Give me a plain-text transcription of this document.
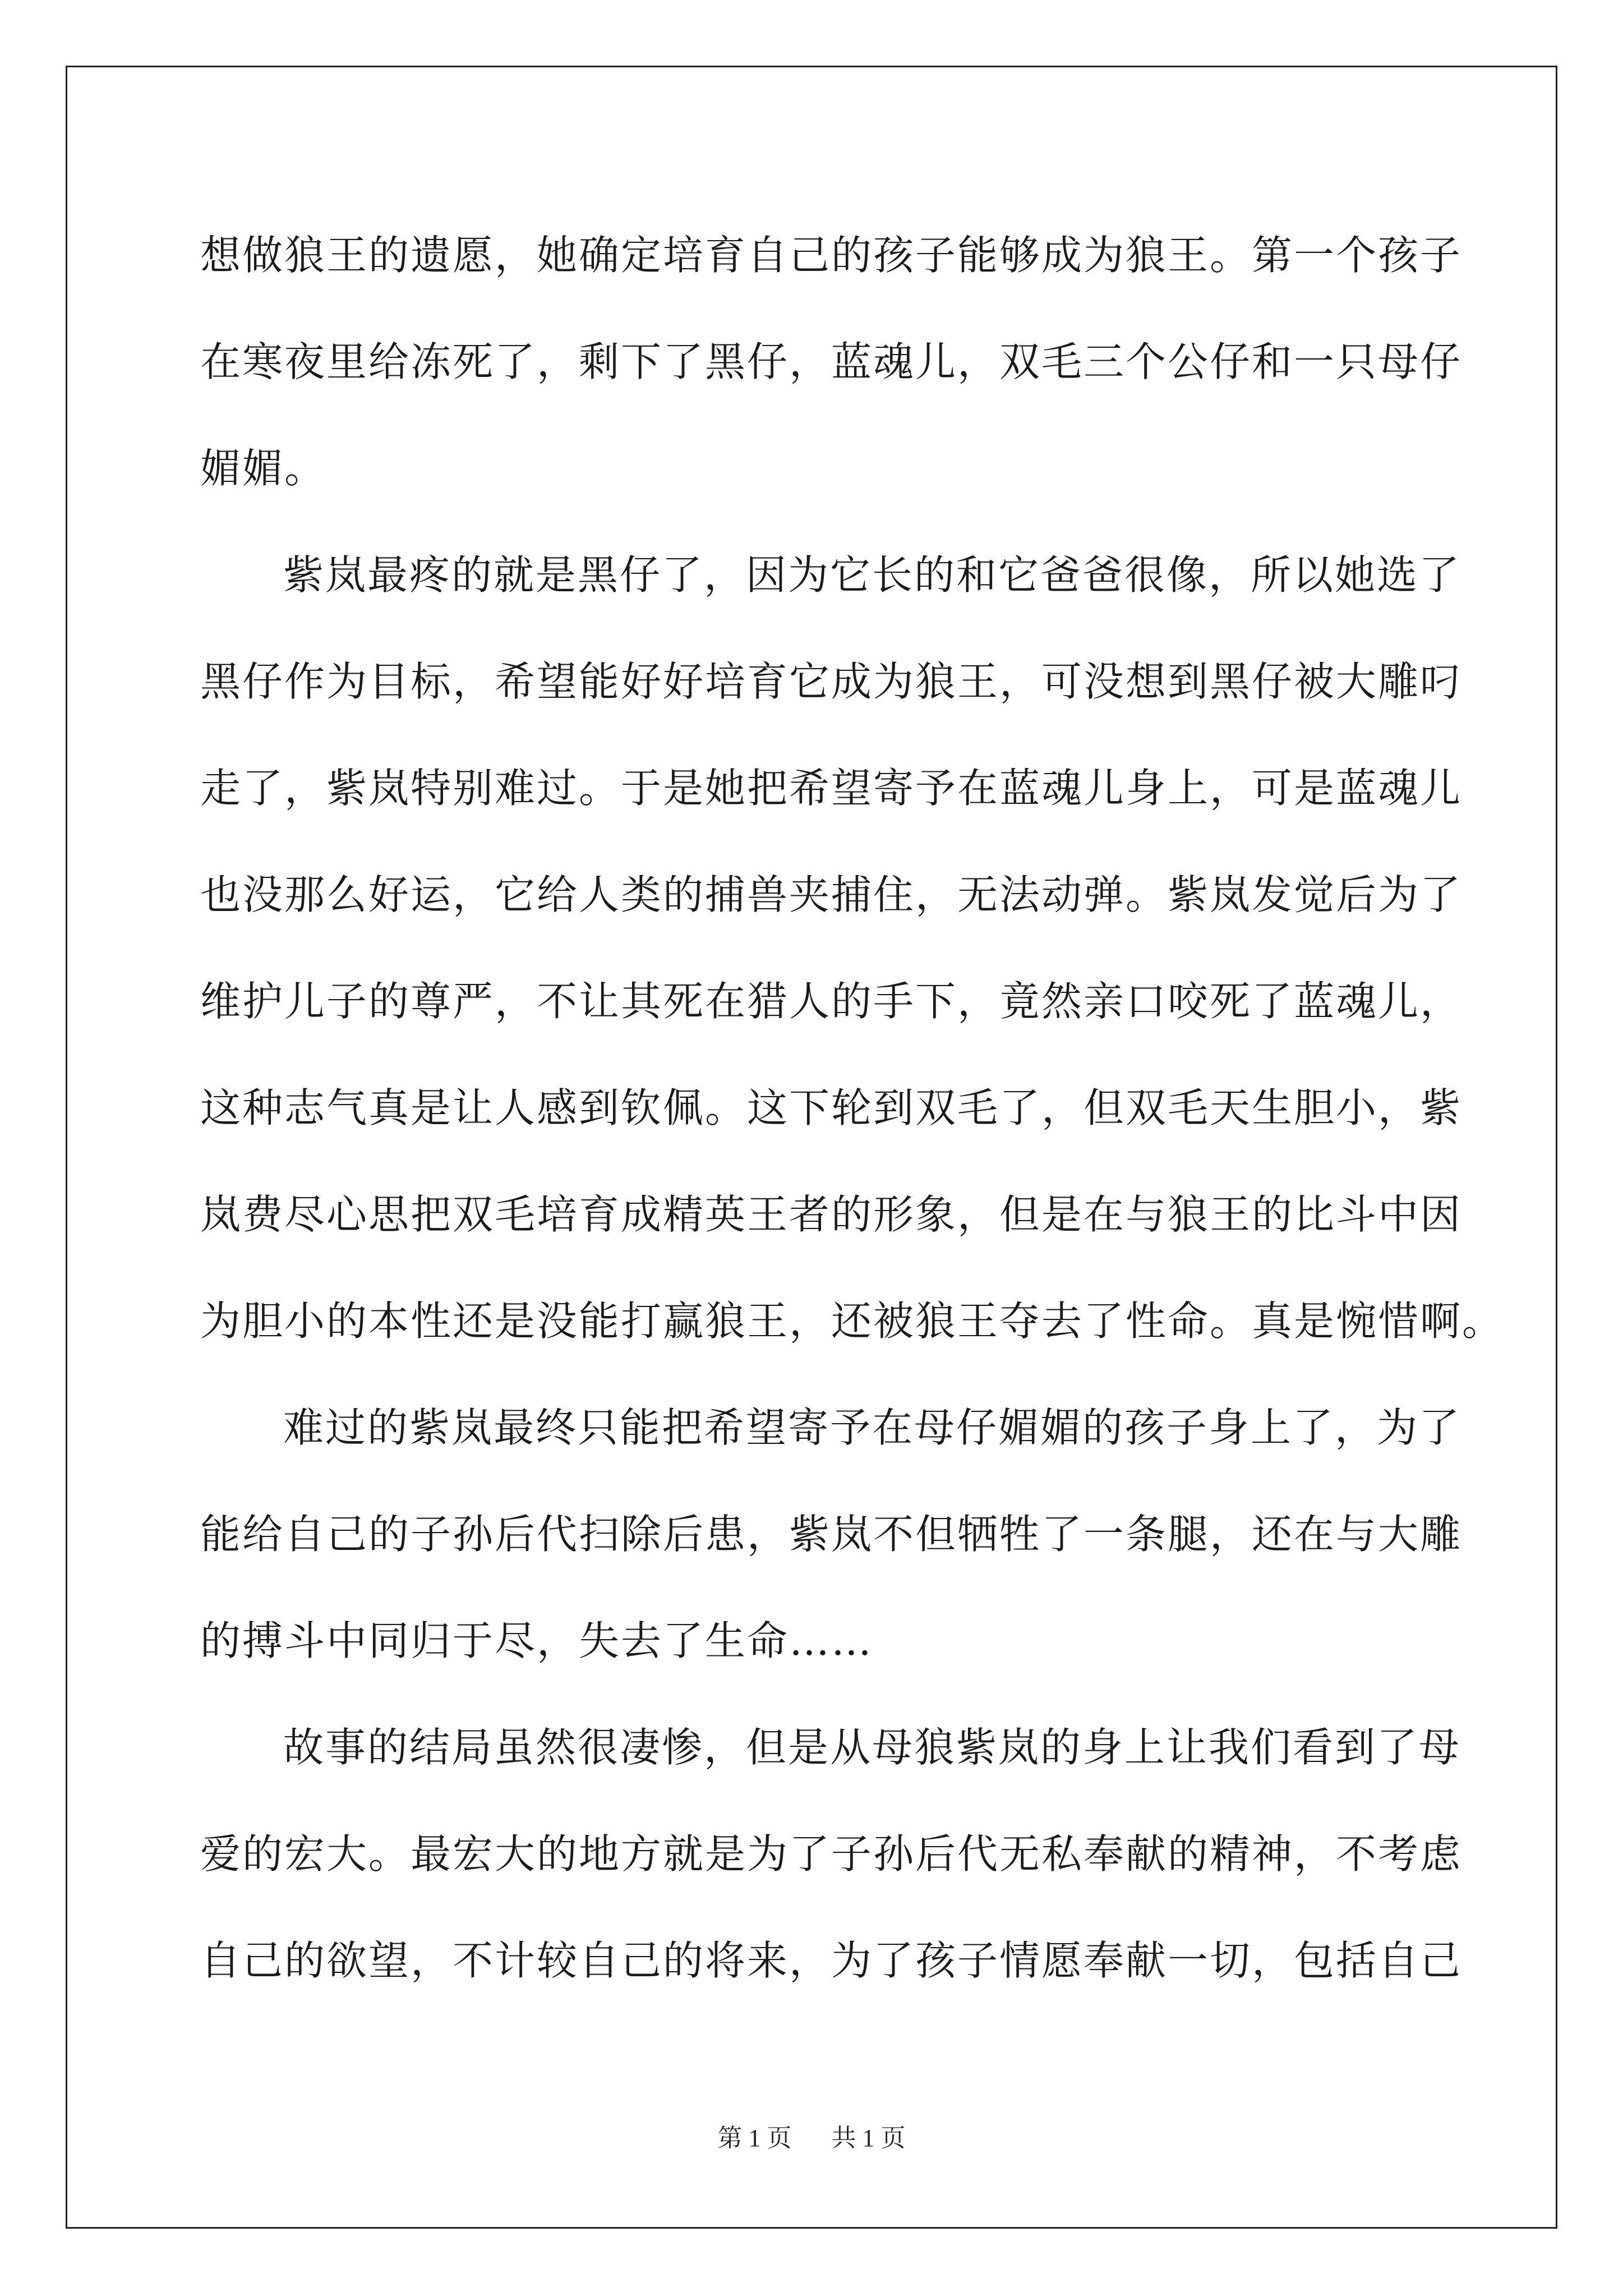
想做狼王的遗愿，她确定培育自己的孩子能够成为狼王。第一个孩子
在寒夜里给冻死了，剩下了黑仔，蓝魂儿，双毛三个公仔和一只母仔
媚媚。
紫岚最疼的就是黑仔了，因为它长的和它爸爸很像，所以她选了
黑仔作为目标，希望能好好培育它成为狼王，可没想到黑仔被大雕叼
走了，紫岚特别难过。于是她把希望寄予在蓝魂儿身上，可是蓝魂儿
也没那么好运，它给人类的捕兽夹捕住，无法动弹。紫岚发觉后为了
维护儿子的尊严，不让其死在猎人的手下，竟然亲口咬死了蓝魂儿，
这种志气真是让人感到钦佩。这下轮到双毛了，但双毛天生胆小，紫
岚费尽心思把双毛培育成精英王者的形象，但是在与狼王的比斗中因
为胆小的本性还是没能打赢狼王，还被狼王夺去了性命。真是惋惜啊。
难过的紫岚最终只能把希望寄予在母仔媚媚的孩子身上了，为了
能给自己的子孙后代扫除后患，紫岚不但牺牲了一条腿，还在与大雕
的搏斗中同归于尽，失去了生命……
故事的结局虽然很凄惨，但是从母狼紫岚的身上让我们看到了母
爱的宏大。最宏大的地方就是为了子孙后代无私奉献的精神，不考虑
自己的欲望，不计较自己的将来，为了孩子情愿奉献一切，包括自己
第 1 页 共 1 页
